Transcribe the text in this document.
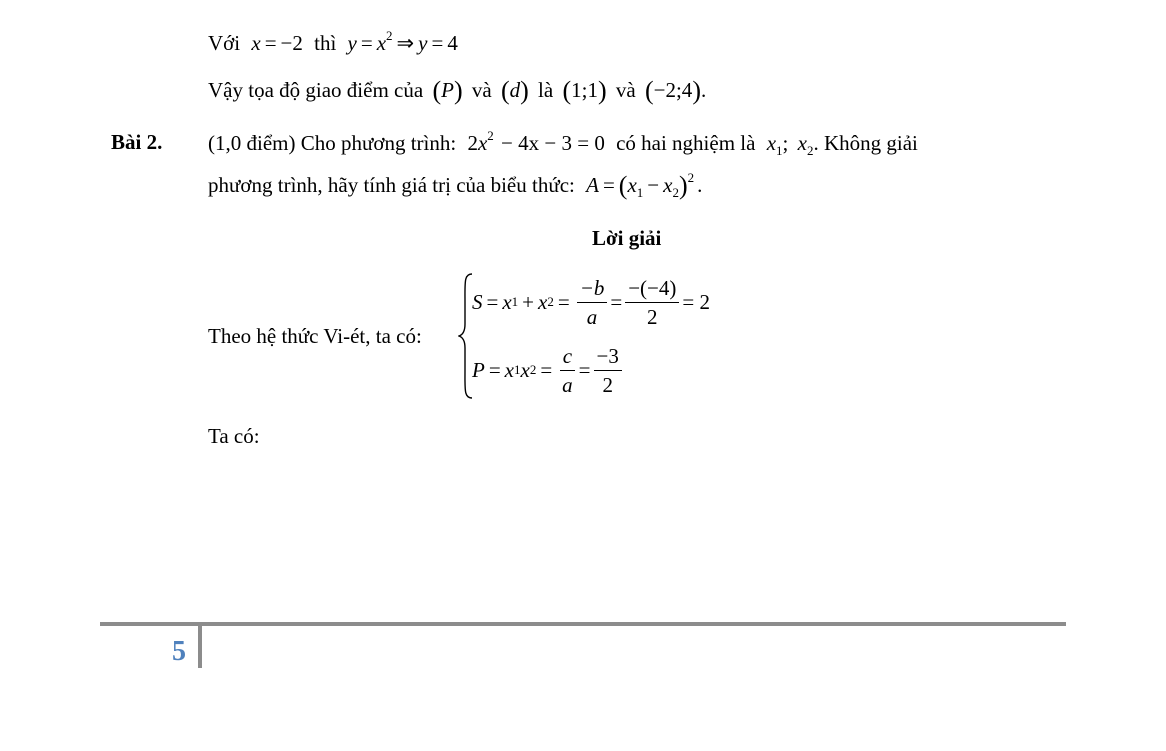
Với x = −2 thì $y = x^2$ ⇒ y = 4
Vậy tọa độ giao điểm của (P) và (d) là (1;1) và (−2;4).
Bài 2. (1,0 điểm) Cho phương trình: $2x^2 - 4x - 3 = 0$ có hai nghiệm là $x_1$; $x_2$. Không giải
phương trình, hãy tính giá trị của biểu thức: $A = (x_1 - x_2)^2$ .
Lời giải
Theo hệ thức Vi-ét, ta có:
S = x 1 + x $2 = \frac{-b}{a} = \frac{-(-4)}{2} = 2$
P = x 1 x $2 = \frac{c}{a} = \frac{-3}{2}$
Ta có:
5
